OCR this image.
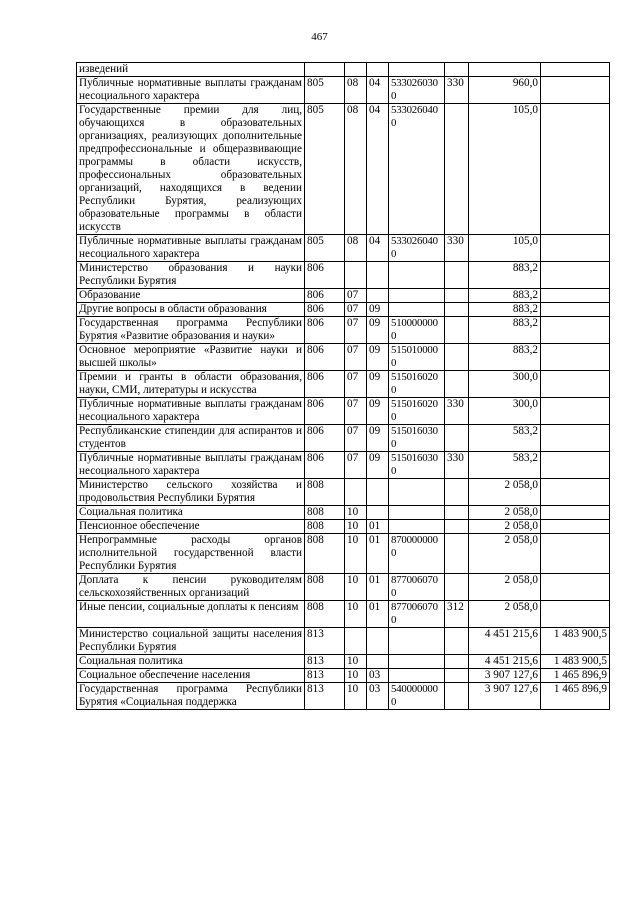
467
изведений							
Публичные нормативные выплаты гражданам несоциального характера	805	08	04	5330260300	330	960,0	
Государственные премии для лиц, обучающихся в образовательных организациях, реализующих дополнительные предпрофессиональные и общеразвивающие программы в области искусств, профессиональных образовательных организаций, находящихся в ведении Республики Бурятия, реализующих образовательные программы в области искусств	805	08	04	5330260400		105,0	
Публичные нормативные выплаты гражданам несоциального характера	805	08	04	5330260400	330	105,0	
Министерство образования и науки Республики Бурятия	806					883,2	
Образование	806	07				883,2	
Другие вопросы в области образования	806	07	09			883,2	
Государственная программа Республики Бурятия «Развитие образования и науки»	806	07	09	5100000000		883,2	
Основное мероприятие «Развитие науки и высшей школы»	806	07	09	5150100000		883,2	
Премии и гранты в области образования, науки, СМИ, литературы и искусства	806	07	09	5150160200		300,0	
Публичные нормативные выплаты гражданам несоциального характера	806	07	09	5150160200	330	300,0	
Республиканские стипендии для аспирантов и студентов	806	07	09	5150160300		583,2	
Публичные нормативные выплаты гражданам несоциального характера	806	07	09	5150160300	330	583,2	
Министерство сельского хозяйства и продовольствия Республики Бурятия	808					2 058,0	
Социальная политика	808	10				2 058,0	
Пенсионное обеспечение	808	10	01			2 058,0	
Непрограммные расходы органов исполнительной государственной власти Республики Бурятия	808	10	01	8700000000		2 058,0	
Доплата к пенсии руководителям сельскохозяйственных организаций	808	10	01	8770060700		2 058,0	
Иные пенсии, социальные доплаты к пенсиям	808	10	01	8770060700	312	2 058,0	
Министерство социальной защиты населения Республики Бурятия	813					4 451 215,6	1 483 900,5
Социальная политика	813	10				4 451 215,6	1 483 900,5
Социальное обеспечение населения	813	10	03			3 907 127,6	1 465 896,9
Государственная программа Республики Бурятия «Социальная поддержка	813	10	03	5400000000		3 907 127,6	1 465 896,9
